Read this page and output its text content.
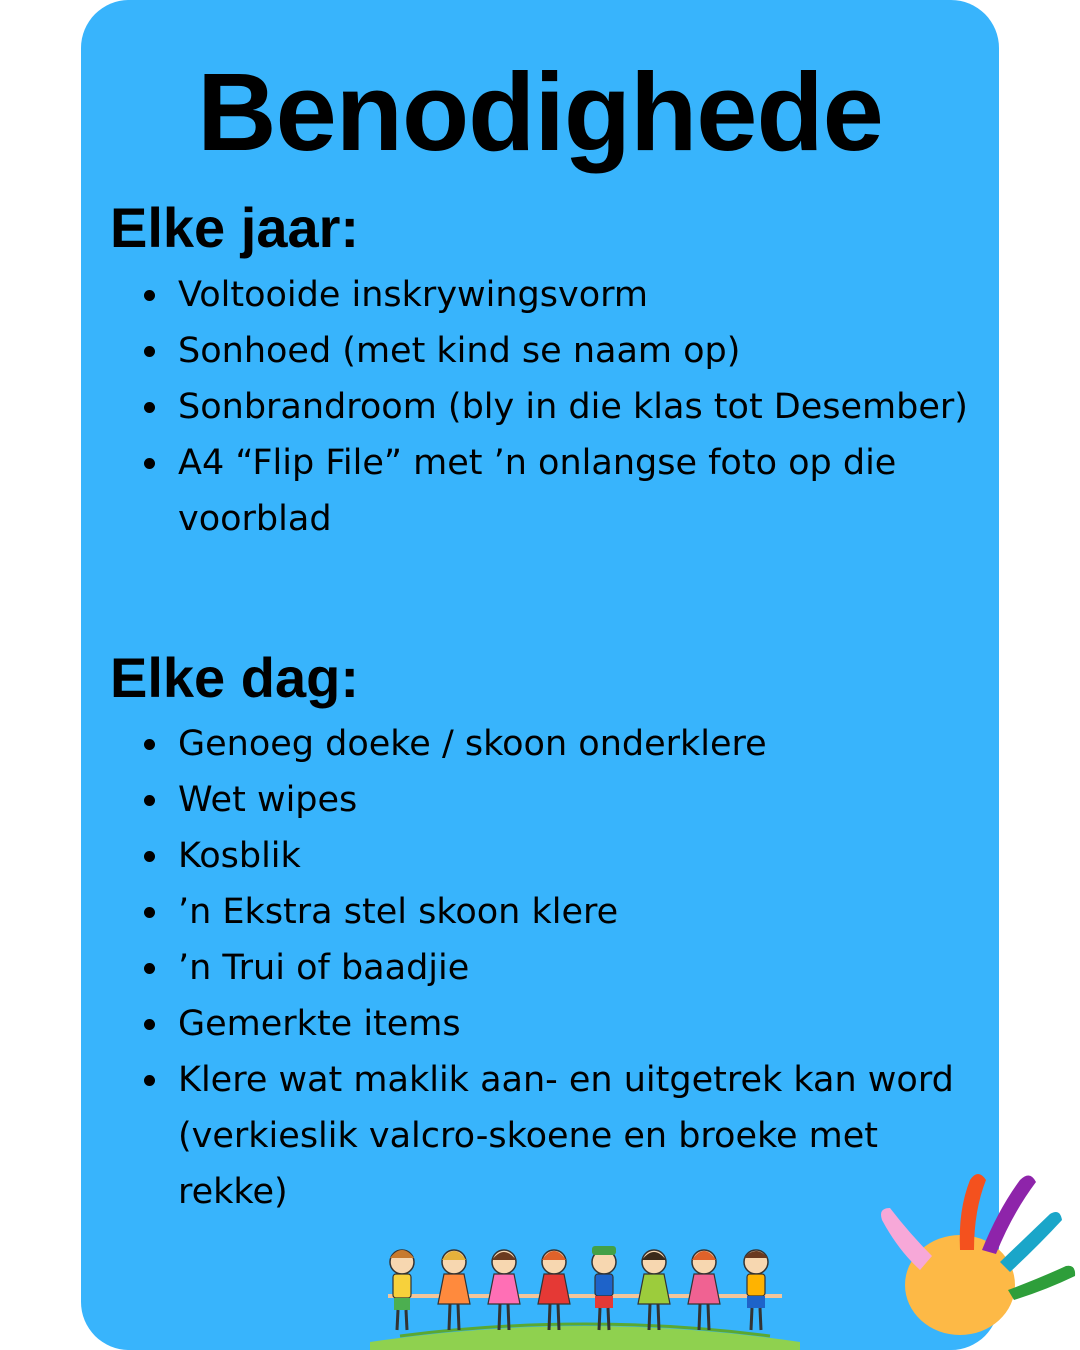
Benodighede
Elke jaar:
Voltooide inskrywingsvorm
Sonhoed (met kind se naam op)
Sonbrandroom (bly in die klas tot Desember)
A4 “Flip File” met ’n onlangse foto op die voorblad
Elke dag:
Genoeg doeke / skoon onderklere
Wet wipes
Kosblik
’n Ekstra stel skoon klere
’n Trui of baadjie
Gemerkte items
Klere wat maklik aan- en uitgetrek kan word (verkieslik valcro-skoene en broeke met rekke)
